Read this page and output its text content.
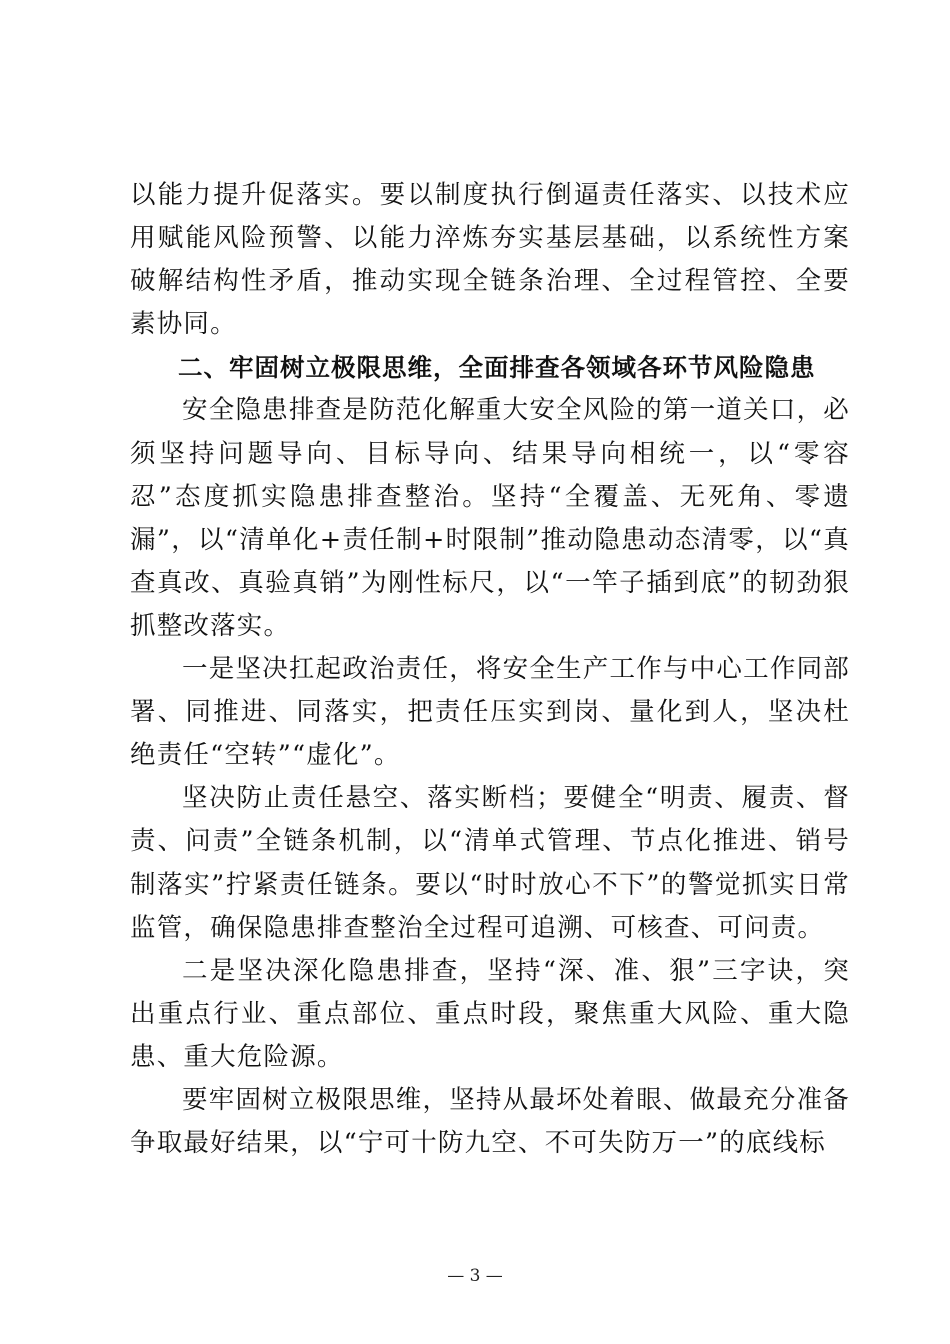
以能力提升促落实。要以制度执行倒逼责任落实、以技术应用赋能风险预警、以能力淬炼夯实基层基础，以系统性方案破解结构性矛盾，推动实现全链条治理、全过程管控、全要素协同。

二、牢固树立极限思维，全面排查各领域各环节风险隐患

安全隐患排查是防范化解重大安全风险的第一道关口，必须坚持问题导向、目标导向、结果导向相统一，以“零容忍”态度抓实隐患排查整治。坚持“全覆盖、无死角、零遗漏”，以“清单化+责任制+时限制”推动隐患动态清零，以“真查真改、真验真销”为刚性标尺，以“一竿子插到底”的韧劲狠抓整改落实。

一是坚决扛起政治责任，将安全生产工作与中心工作同部署、同推进、同落实，把责任压实到岗、量化到人，坚决杜绝责任“空转”“虚化”。

坚决防止责任悬空、落实断档；要健全“明责、履责、督责、问责”全链条机制，以“清单式管理、节点化推进、销号制落实”拧紧责任链条。要以“时时放心不下”的警觉抓实日常监管，确保隐患排查整治全过程可追溯、可核查、可问责。

二是坚决深化隐患排查，坚持“深、准、狠”三字诀，突出重点行业、重点部位、重点时段，聚焦重大风险、重大隐患、重大危险源。

要牢固树立极限思维，坚持从最坏处着眼、做最充分准备争取最好结果，以“宁可十防九空、不可失防万一”的底线标

— 3 —
